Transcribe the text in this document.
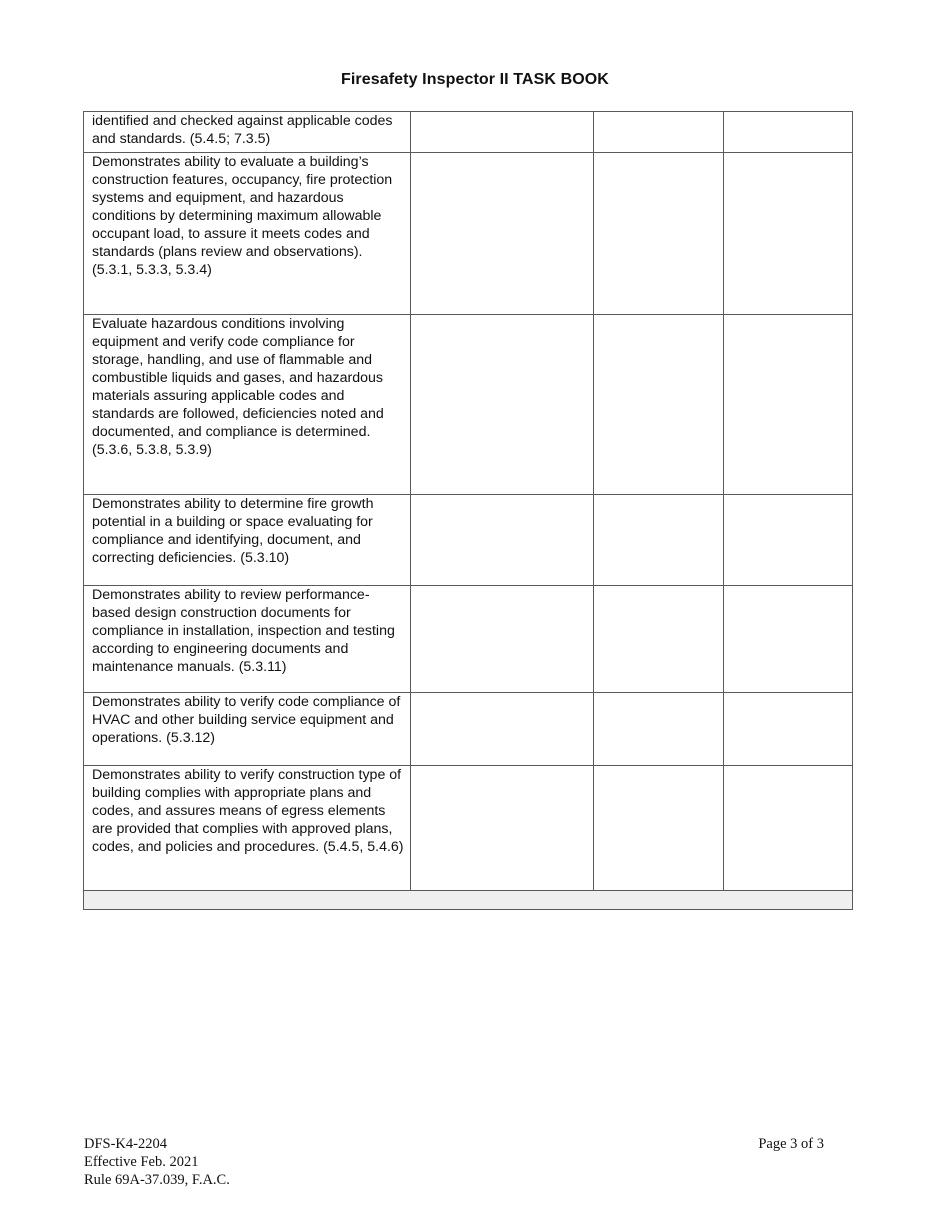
Firesafety Inspector II TASK BOOK
identified and checked against applicable codes and standards. (5.4.5; 7.3.5)			

Demonstrates ability to evaluate a building’s construction features, occupancy, fire protection systems and equipment, and hazardous conditions by determining maximum allowable occupant load, to assure it meets codes and standards (plans review and observations). (5.3.1, 5.3.3, 5.3.4)			

Evaluate hazardous conditions involving equipment and verify code compliance for storage, handling, and use of flammable and combustible liquids and gases, and hazardous materials assuring applicable codes and standards are followed, deficiencies noted and documented, and compliance is determined. (5.3.6, 5.3.8, 5.3.9)			

Demonstrates ability to determine fire growth potential in a building or space evaluating for compliance and identifying, document, and correcting deficiencies. (5.3.10)			

Demonstrates ability to review performance-based design construction documents for compliance in installation, inspection and testing according to engineering documents and maintenance manuals. (5.3.11)			

Demonstrates ability to verify code compliance of HVAC and other building service equipment and operations. (5.3.12)			

Demonstrates ability to verify construction type of building complies with appropriate plans and codes, and assures means of egress elements are provided that complies with approved plans, codes, and policies and procedures. (5.4.5, 5.4.6)			

DFS-K4-2204
Effective Feb. 2021
Rule 69A-37.039, F.A.C.
Page 3 of 3
